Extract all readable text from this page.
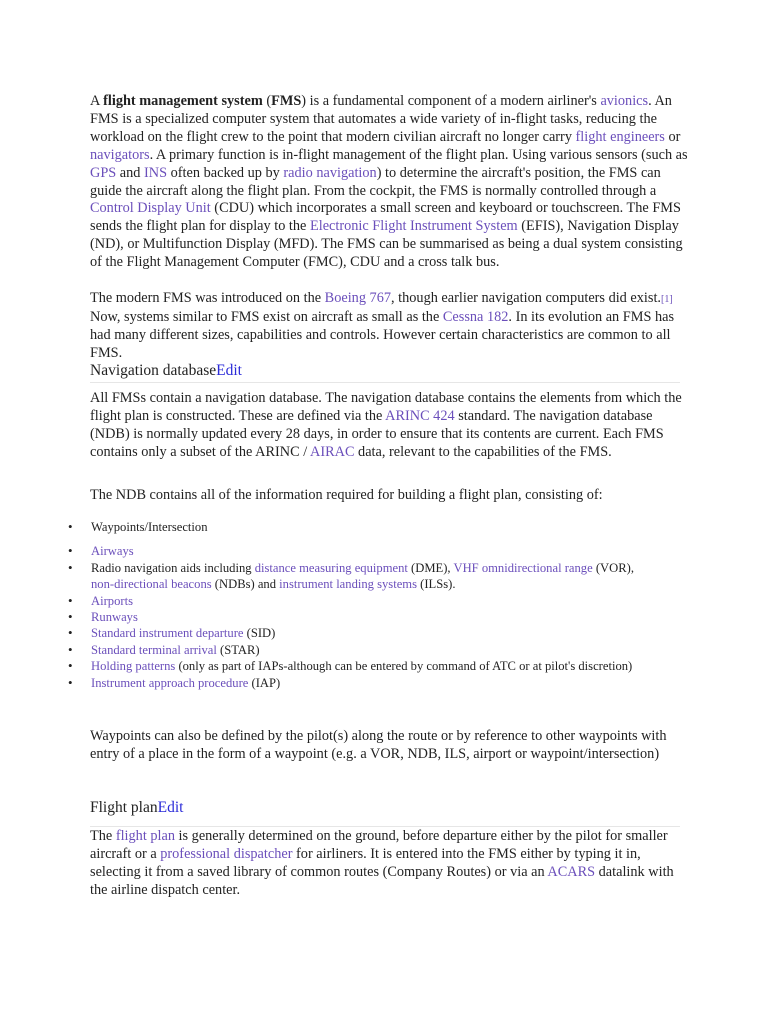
A flight management system (FMS) is a fundamental component of a modern airliner's avionics. An FMS is a specialized computer system that automates a wide variety of in-flight tasks, reducing the workload on the flight crew to the point that modern civilian aircraft no longer carry flight engineers or navigators. A primary function is in-flight management of the flight plan. Using various sensors (such as GPS and INS often backed up by radio navigation) to determine the aircraft's position, the FMS can guide the aircraft along the flight plan. From the cockpit, the FMS is normally controlled through a Control Display Unit (CDU) which incorporates a small screen and keyboard or touchscreen. The FMS sends the flight plan for display to the Electronic Flight Instrument System (EFIS), Navigation Display (ND), or Multifunction Display (MFD). The FMS can be summarised as being a dual system consisting of the Flight Management Computer (FMC), CDU and a cross talk bus.

The modern FMS was introduced on the Boeing 767, though earlier navigation computers did exist.[1] Now, systems similar to FMS exist on aircraft as small as the Cessna 182. In its evolution an FMS has had many different sizes, capabilities and controls. However certain characteristics are common to all FMS.

Navigation databaseEdit

All FMSs contain a navigation database. The navigation database contains the elements from which the flight plan is constructed. These are defined via the ARINC 424 standard. The navigation database (NDB) is normally updated every 28 days, in order to ensure that its contents are current. Each FMS contains only a subset of the ARINC / AIRAC data, relevant to the capabilities of the FMS.

The NDB contains all of the information required for building a flight plan, consisting of:

• Waypoints/Intersection
• Airways
• Radio navigation aids including distance measuring equipment (DME), VHF omnidirectional range (VOR), non-directional beacons (NDBs) and instrument landing systems (ILSs).
• Airports
• Runways
• Standard instrument departure (SID)
• Standard terminal arrival (STAR)
• Holding patterns (only as part of IAPs-although can be entered by command of ATC or at pilot's discretion)
• Instrument approach procedure (IAP)

Waypoints can also be defined by the pilot(s) along the route or by reference to other waypoints with entry of a place in the form of a waypoint (e.g. a VOR, NDB, ILS, airport or waypoint/intersection)

Flight planEdit

The flight plan is generally determined on the ground, before departure either by the pilot for smaller aircraft or a professional dispatcher for airliners. It is entered into the FMS either by typing it in, selecting it from a saved library of common routes (Company Routes) or via an ACARS datalink with the airline dispatch center.
